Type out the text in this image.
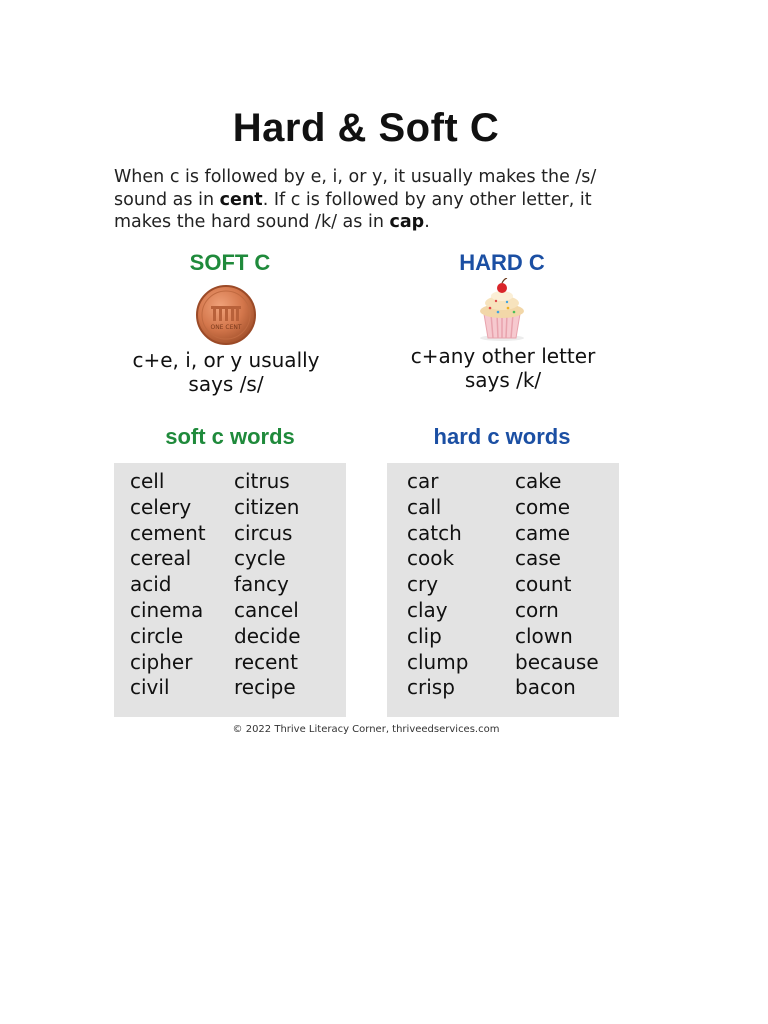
Hard & Soft C
When c is followed by e, i, or y, it usually makes the /s/ sound as in cent. If c is followed by any other letter, it makes the hard sound /k/ as in cap.
SOFT C
ONE CENT
c+e, i, or y usually
says /s/
soft c words
cell
celery
cement
cereal
acid
cinema
circle
cipher
civil
citrus
citizen
circus
cycle
fancy
cancel
decide
recent
recipe
HARD C
c+any other letter
says /k/
hard c words
car
call
catch
cook
cry
clay
clip
clump
crisp
cake
come
came
case
count
corn
clown
because
bacon
© 2022 Thrive Literacy Corner, thriveedservices.com
